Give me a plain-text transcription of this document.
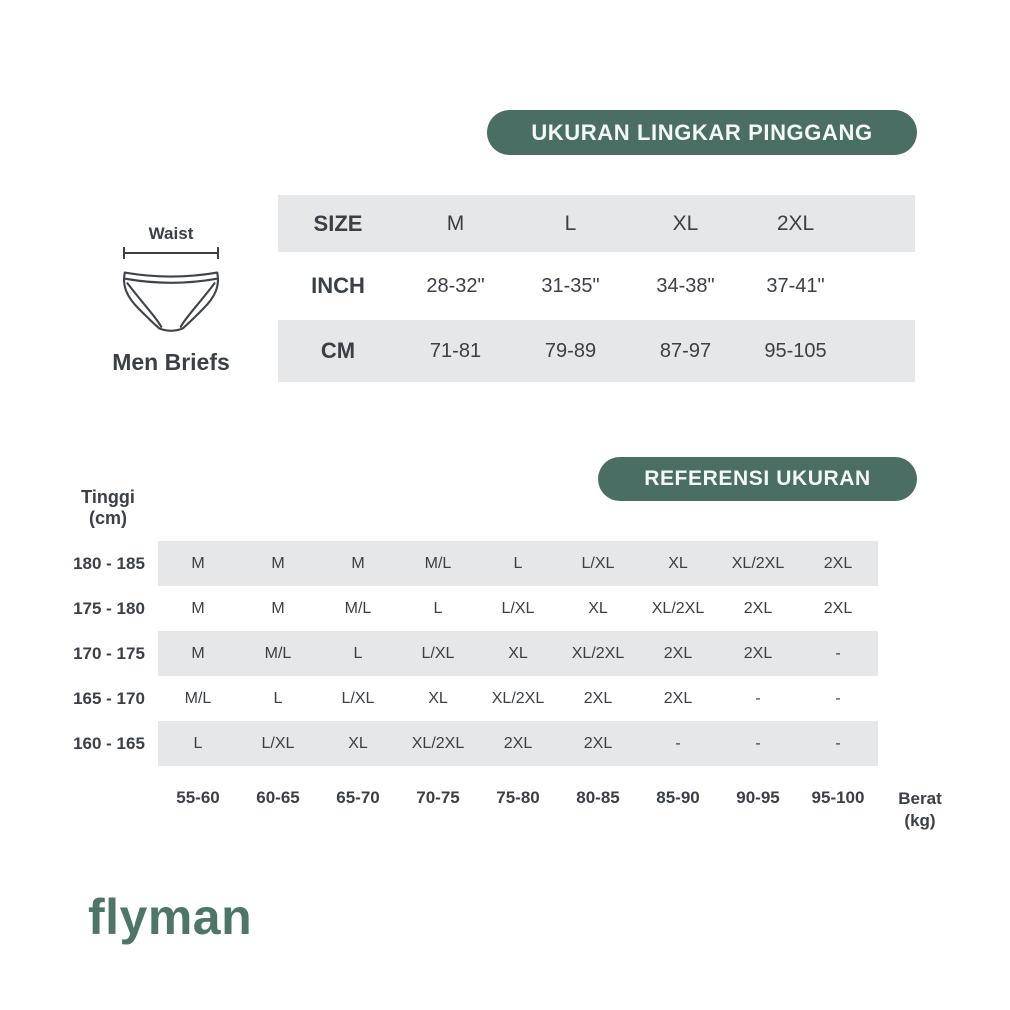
UKURAN LINGKAR PINGGANG
Waist
Men Briefs
SIZE	M	L	XL	2XL
INCH	28-32"	31-35"	34-38"	37-41"
CM	71-81	79-89	87-97	95-105
REFERENSI UKURAN
Tinggi
(cm)
180 - 185	M	M	M	M/L	L	L/XL	XL	XL/2XL	2XL
175 - 180	M	M	M/L	L	L/XL	XL	XL/2XL	2XL	2XL
170 - 175	M	M/L	L	L/XL	XL	XL/2XL	2XL	2XL	-
165 - 170	M/L	L	L/XL	XL	XL/2XL	2XL	2XL	-	-
160 - 165	L	L/XL	XL	XL/2XL	2XL	2XL	-	-	-
55-60	60-65	65-70	70-75	75-80	80-85	85-90	90-95	95-100	Berat
(kg)
flyman
